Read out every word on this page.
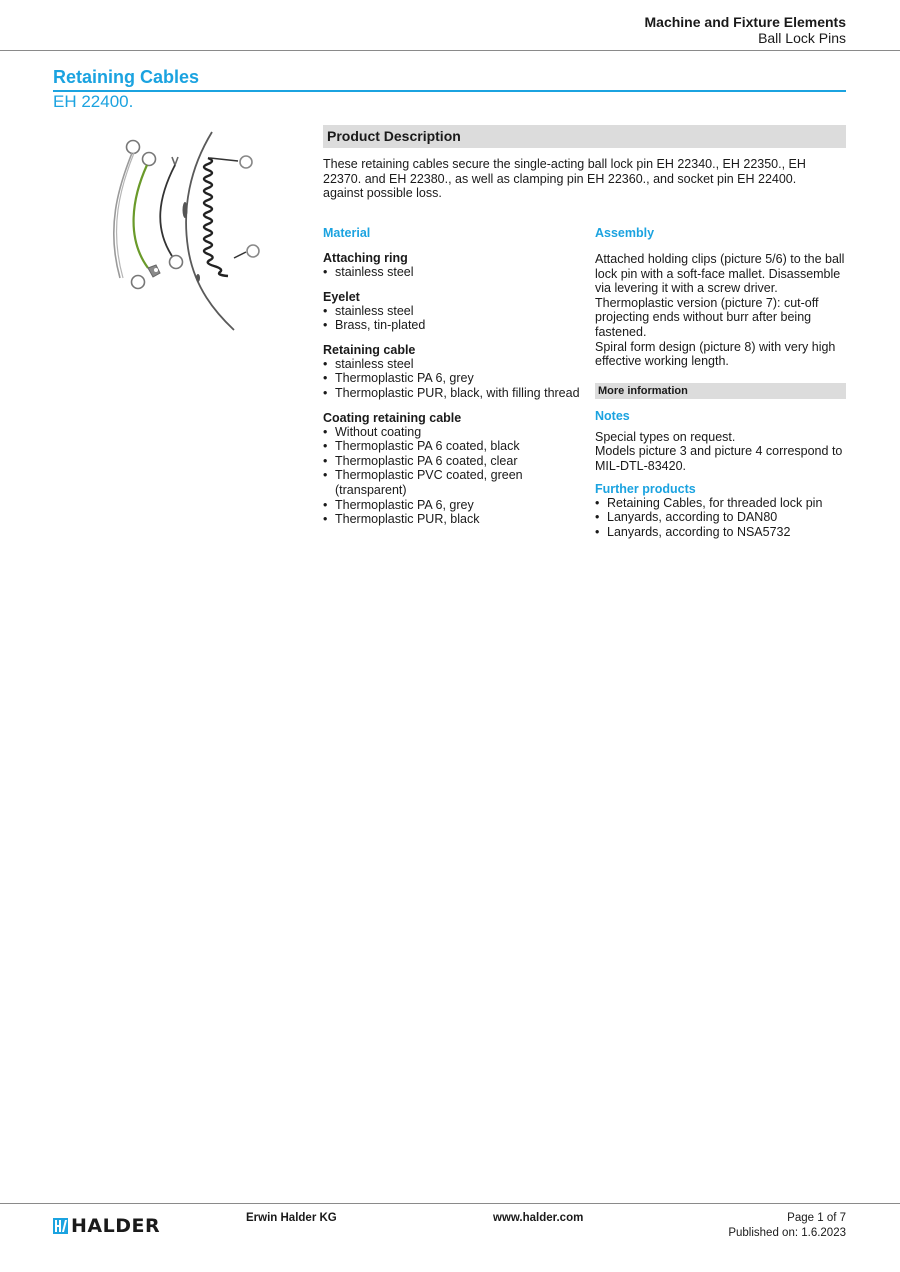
Machine and Fixture Elements
Ball Lock Pins
Retaining Cables
EH 22400.
Product Description
These retaining cables secure the single-acting ball lock pin EH 22340., EH 22350., EH 22370. and EH 22380., as well as clamping pin EH 22360., and socket pin EH 22400. against possible loss.
Material
Attaching ring
• stainless steel
Eyelet
• stainless steel
• Brass, tin-plated
Retaining cable
• stainless steel
• Thermoplastic PA 6, grey
• Thermoplastic PUR, black, with filling thread
Coating retaining cable
• Without coating
• Thermoplastic PA 6 coated, black
• Thermoplastic PA 6 coated, clear
• Thermoplastic PVC coated, green (transparent)
• Thermoplastic PA 6, grey
• Thermoplastic PUR, black
Assembly
Attached holding clips (picture 5/6) to the ball lock pin with a soft-face mallet. Disassemble via levering it with a screw driver.
Thermoplastic version (picture 7): cut-off projecting ends without burr after being fastened.
Spiral form design (picture 8) with very high effective working length.
More information
Notes
Special types on request.
Models picture 3 and picture 4 correspond to MIL-DTL-83420.
Further products
• Retaining Cables, for threaded lock pin
• Lanyards, according to DAN80
• Lanyards, according to NSA5732
HALDER	Erwin Halder KG	www.halder.com	Page 1 of 7
Published on: 1.6.2023
